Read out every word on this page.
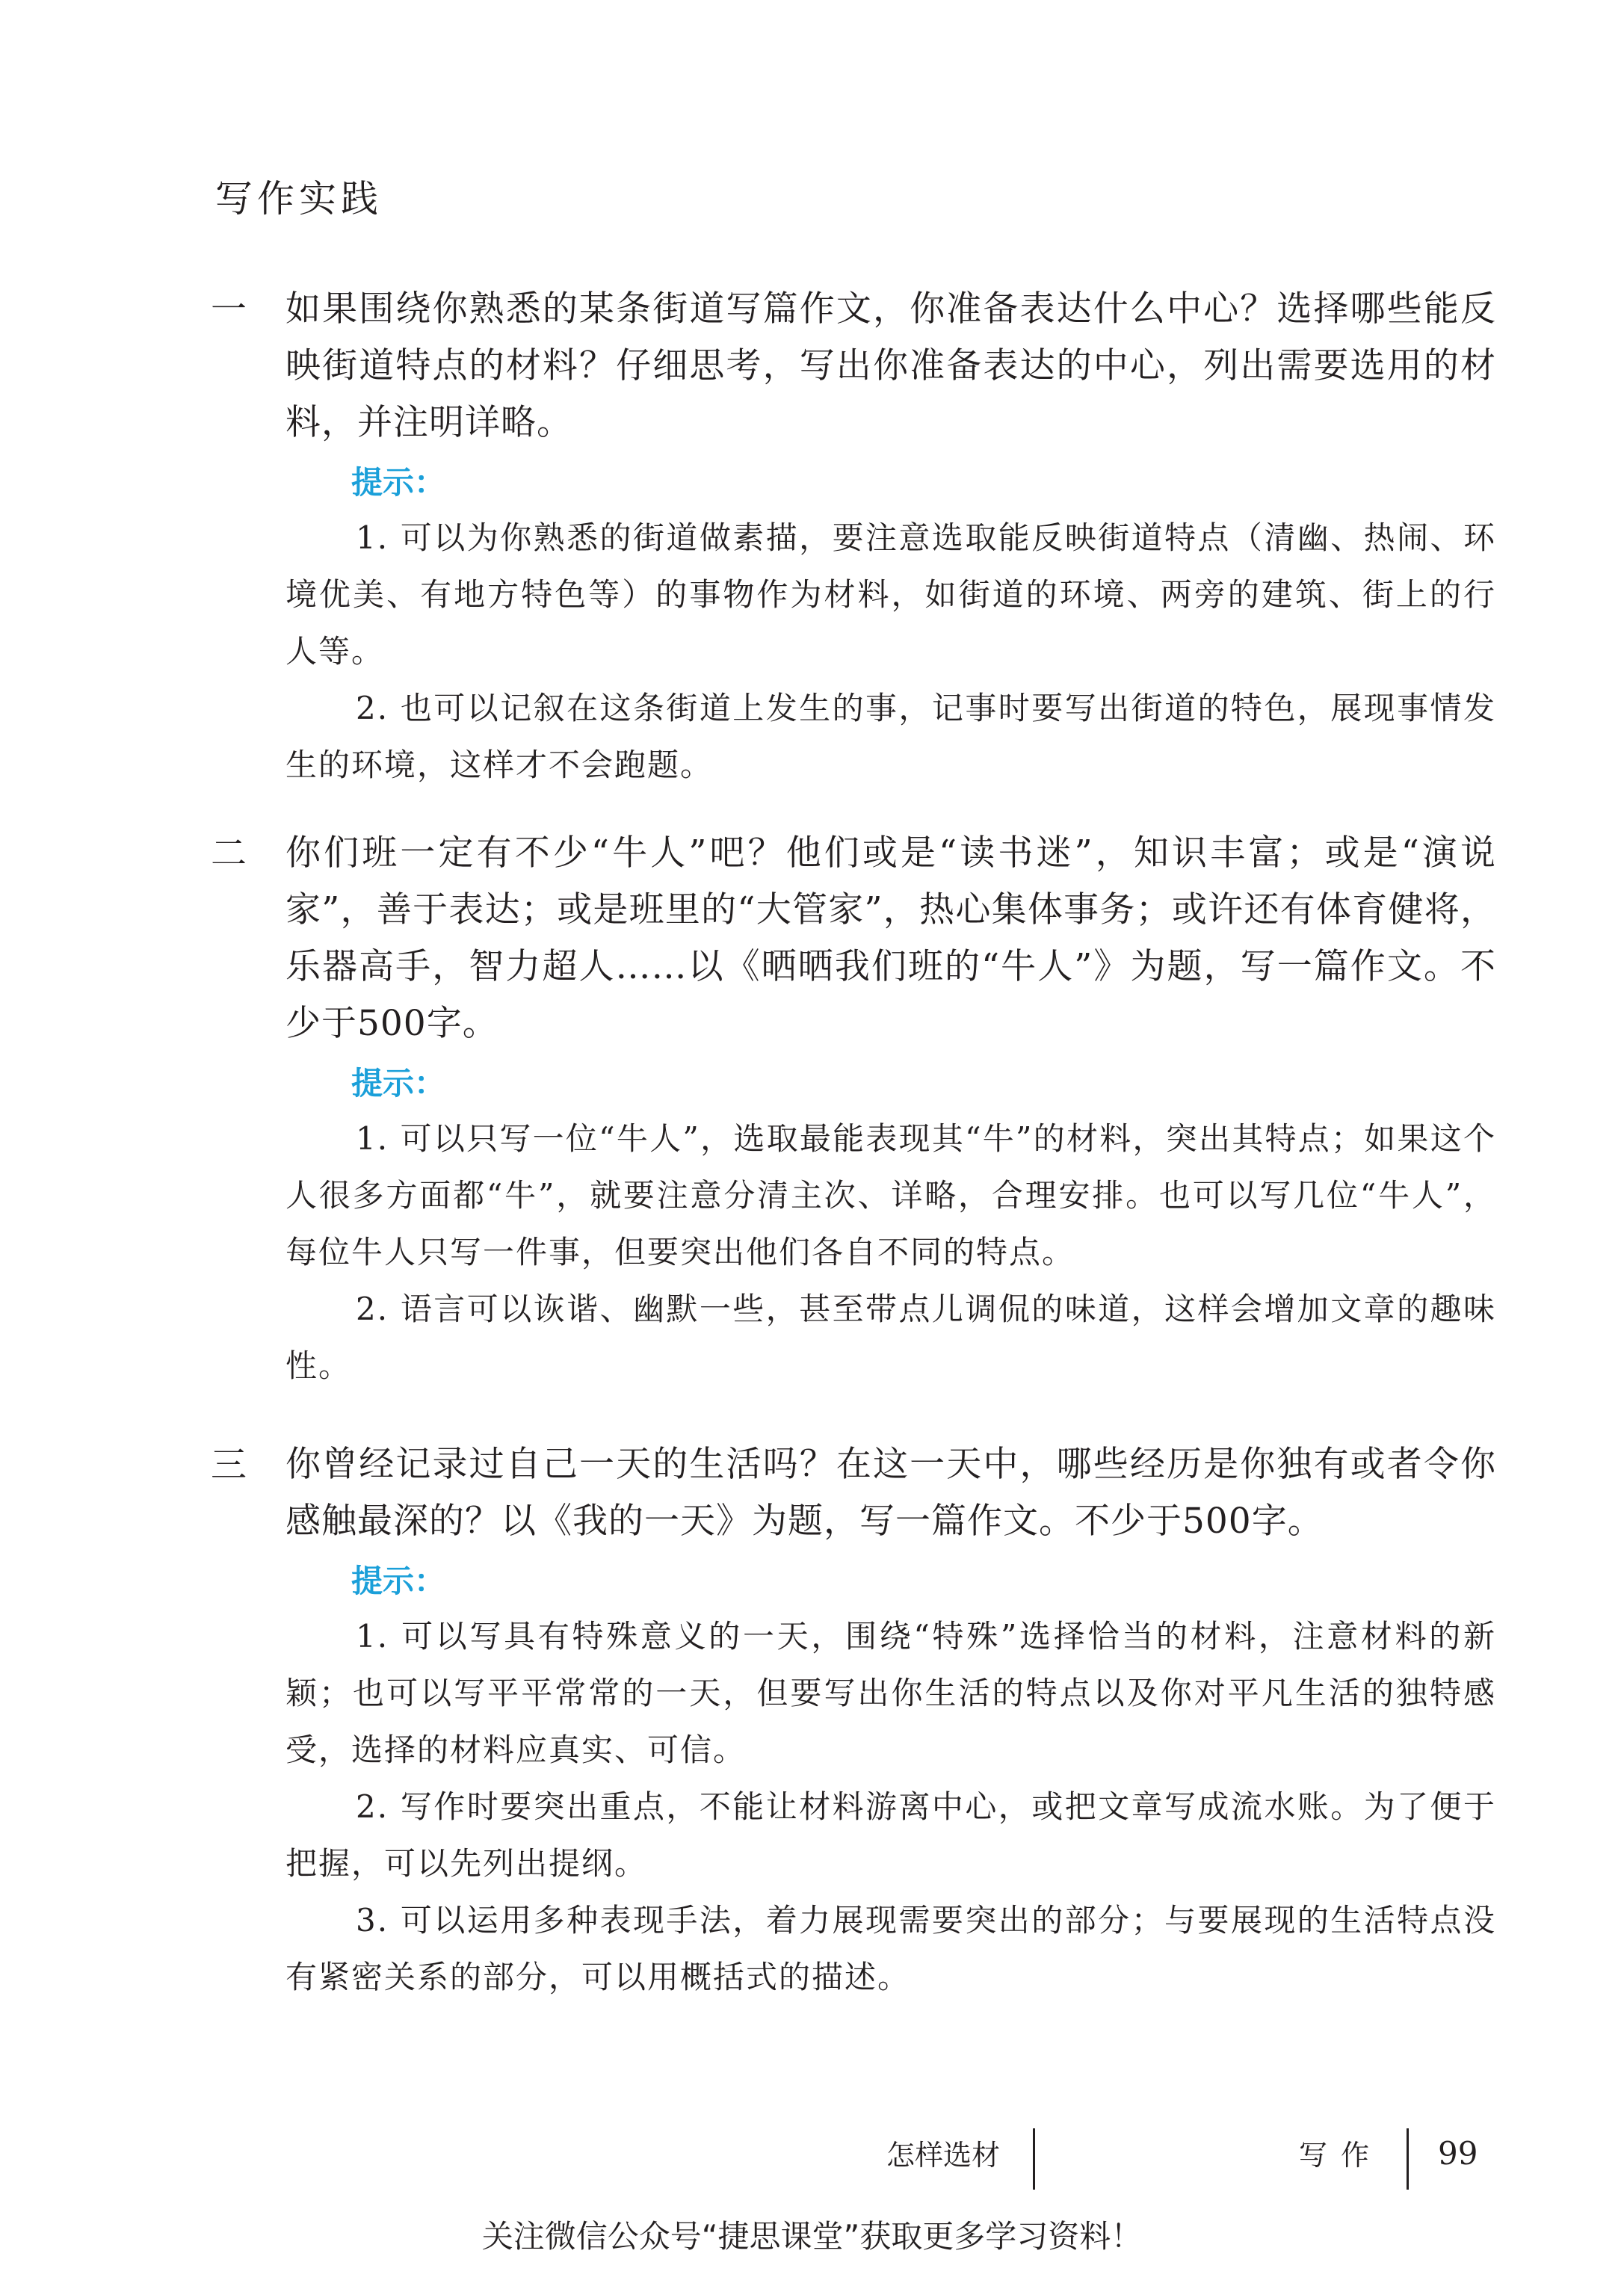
写作实践
一	如果围绕你熟悉的某条街道写篇作文，你准备表达什么中心？选择哪些能反映街道特点的材料？仔细思考，写出你准备表达的中心，列出需要选用的材料，并注明详略。
提示：
1. 可以为你熟悉的街道做素描，要注意选取能反映街道特点（清幽、热闹、环境优美、有地方特色等）的事物作为材料，如街道的环境、两旁的建筑、街上的行人等。
2. 也可以记叙在这条街道上发生的事，记事时要写出街道的特色，展现事情发生的环境，这样才不会跑题。
二	你们班一定有不少“牛人”吧？他们或是“读书迷”，知识丰富；或是“演说家”，善于表达；或是班里的“大管家”，热心集体事务；或许还有体育健将，乐器高手，智力超人……以《晒晒我们班的“牛人”》为题，写一篇作文。不少于500字。
提示：
1. 可以只写一位“牛人”，选取最能表现其“牛”的材料，突出其特点；如果这个人很多方面都“牛”，就要注意分清主次、详略，合理安排。也可以写几位“牛人”，每位牛人只写一件事，但要突出他们各自不同的特点。
2. 语言可以诙谐、幽默一些，甚至带点儿调侃的味道，这样会增加文章的趣味性。
三	你曾经记录过自己一天的生活吗？在这一天中，哪些经历是你独有或者令你感触最深的？以《我的一天》为题，写一篇作文。不少于500字。
提示：
1. 可以写具有特殊意义的一天，围绕“特殊”选择恰当的材料，注意材料的新颖；也可以写平平常常的一天，但要写出你生活的特点以及你对平凡生活的独特感受，选择的材料应真实、可信。
2. 写作时要突出重点，不能让材料游离中心，或把文章写成流水账。为了便于把握，可以先列出提纲。
3. 可以运用多种表现手法，着力展现需要突出的部分；与要展现的生活特点没有紧密关系的部分，可以用概括式的描述。
怎样选材	写作 99
关注微信公众号“捷思课堂”获取更多学习资料！
